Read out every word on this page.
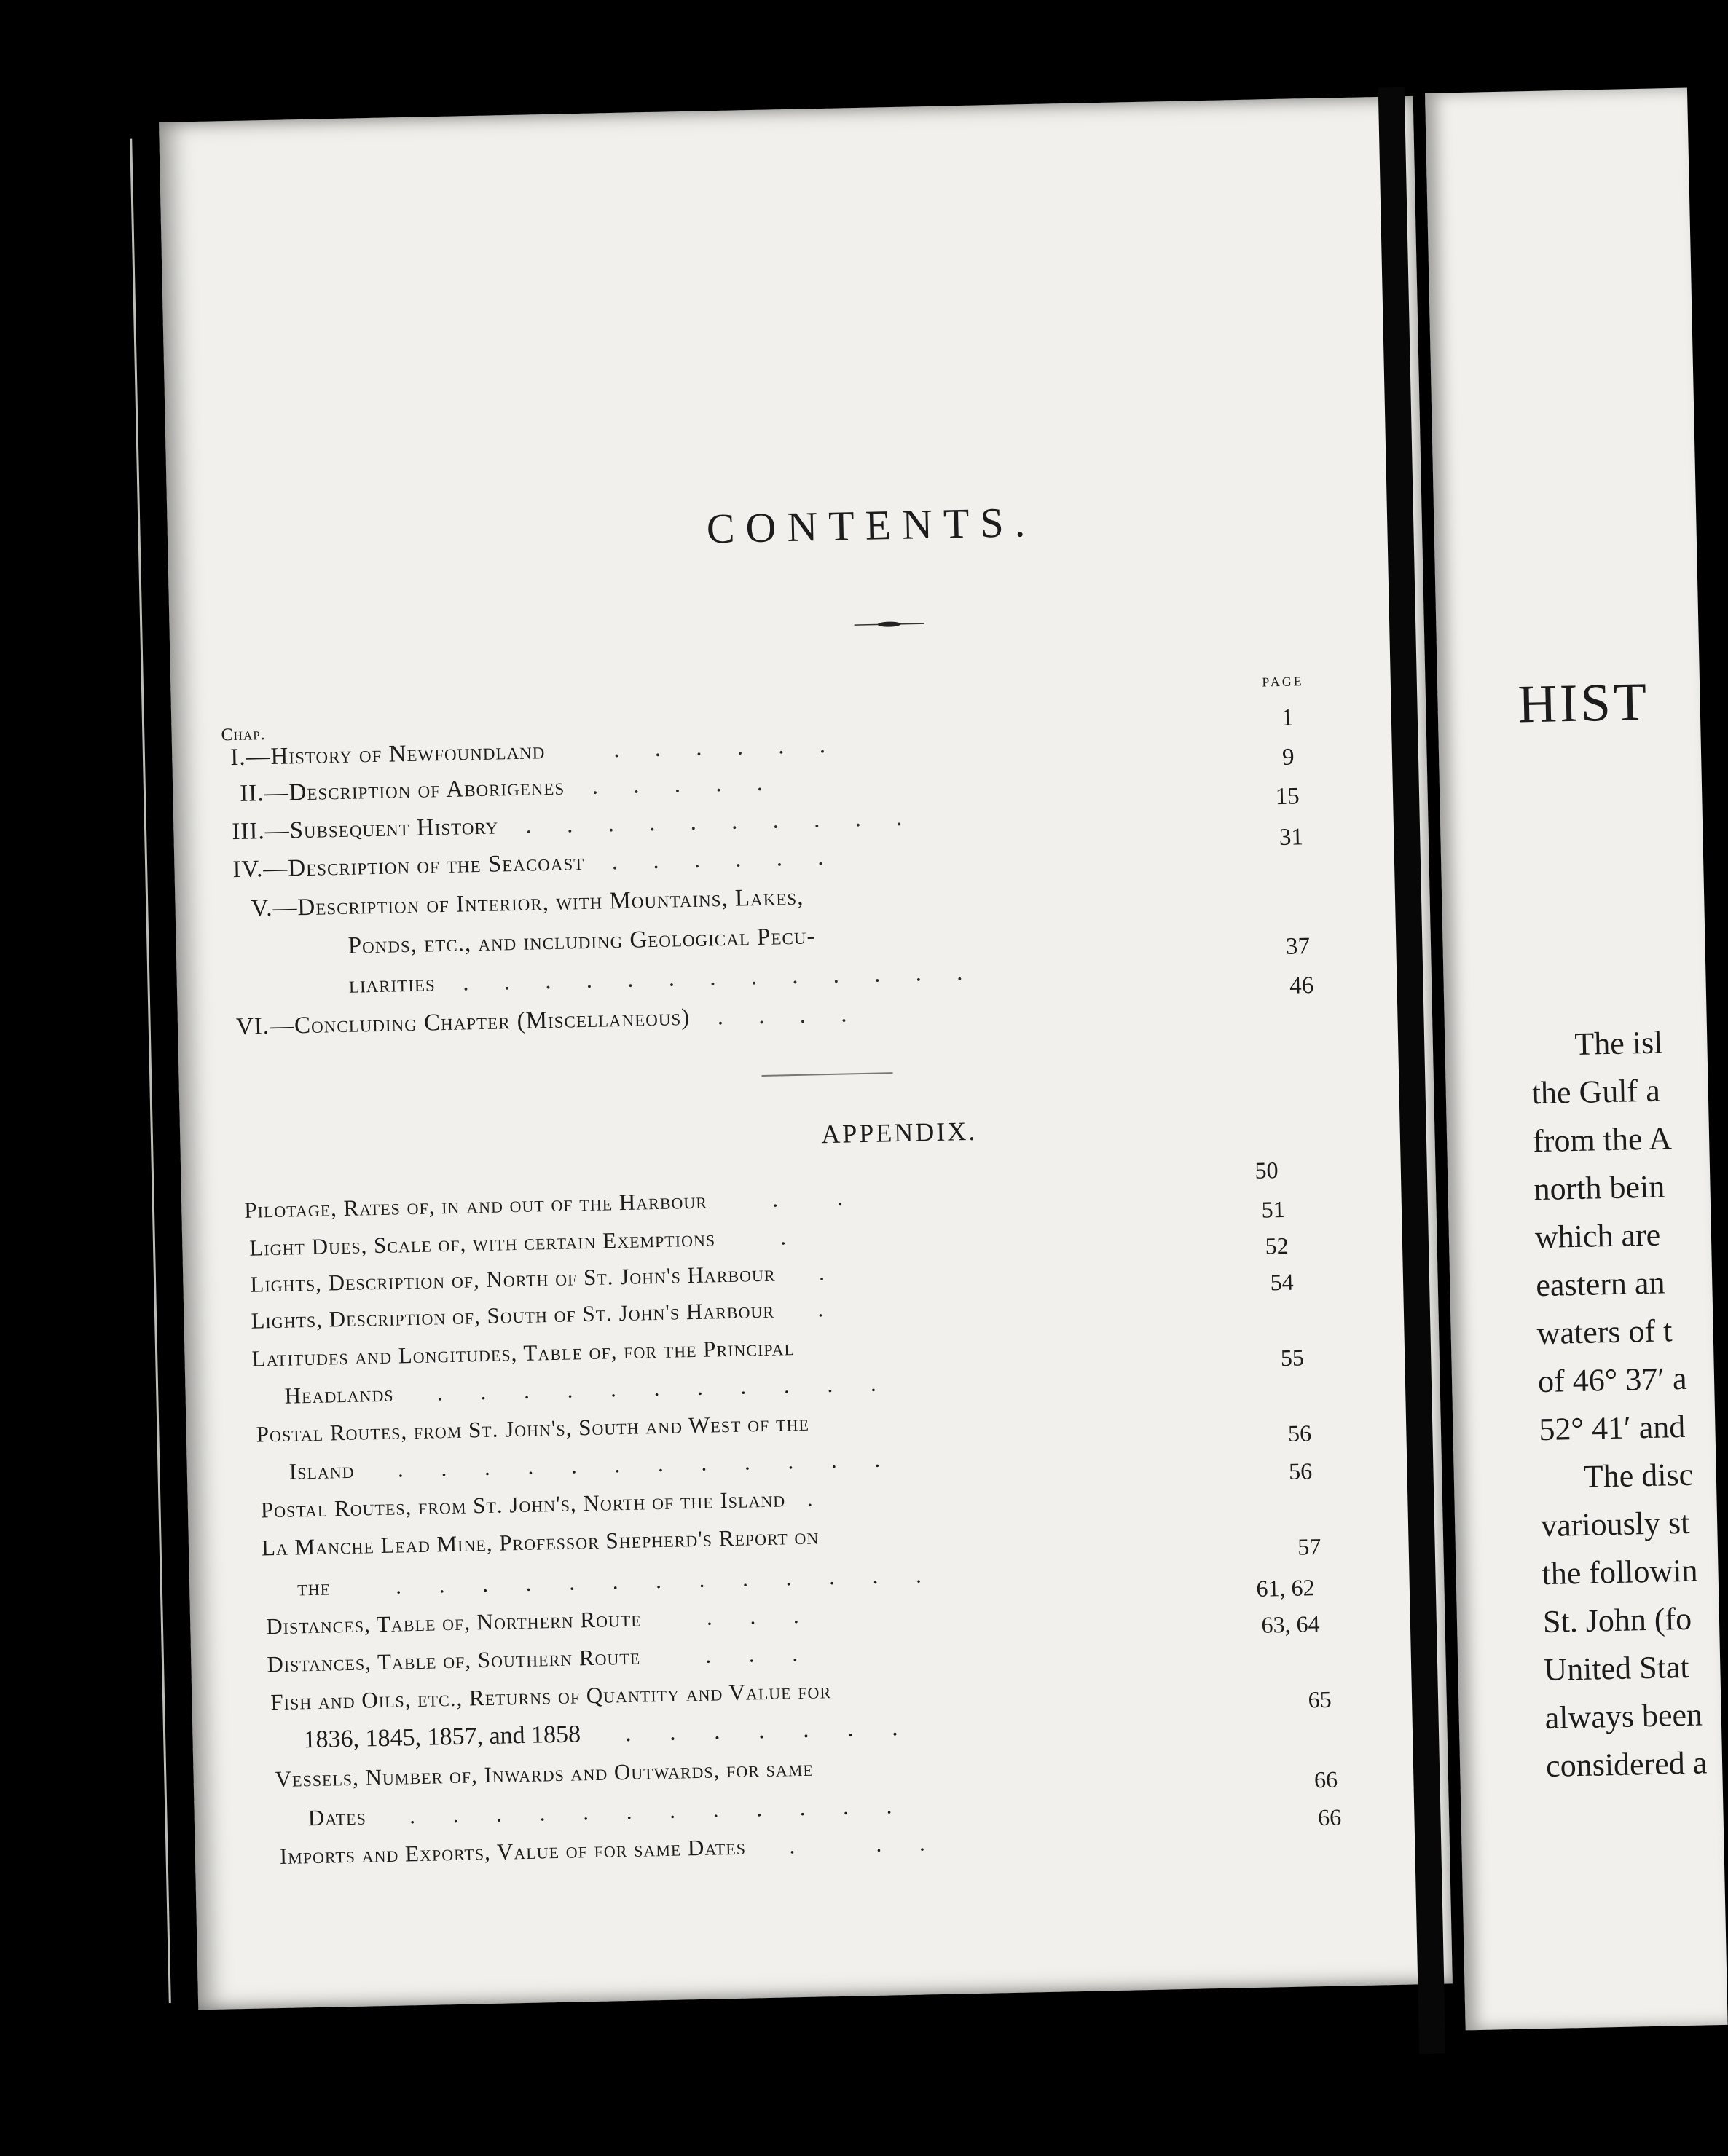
CONTENTS.
PAGE
Chap.
I.—History of Newfoundland    . . . . . .
1
II.—Description of Aborigenes  . . . . .
9
III.—Subsequent History  . . . . . . . . . .
15
IV.—Description of the Seacoast  . . . . . .
31
V.—Description of Interior, with Mountains, Lakes,
Ponds, etc., and including Geological Pecu-
liarities  . . . . . . . . . . . . .
37
VI.—Concluding Chapter (Miscellaneous)  . . . .
46
APPENDIX.
Pilotage, Rates of, in and out of the Harbour   .  .
50
Light Dues, Scale of, with certain Exemptions   .
51
Lights, Description of, North of St. John's Harbour  .
52
Lights, Description of, South of St. John's Harbour  .
54
Latitudes and Longitudes, Table of, for the Principal
Headlands  . . . . . . . . . . .
55
Postal Routes, from St. John's, South and West of the
Island  . . . . . . . . . . . .
56
Postal Routes, from St. John's, North of the Island .
56
La Manche Lead Mine, Professor Shepherd's Report on
the   . . . . . . . . . . . . .
57
Distances, Table of, Northern Route   . . .
61, 62
Distances, Table of, Southern Route   . . .
63, 64
Fish and Oils, etc., Returns of Quantity and Value for
1836, 1845, 1857, and 1858  . . . . . . .
65
Vessels, Number of, Inwards and Outwards, for same
Dates  . . . . . . . . . . . .
66
Imports and Exports, Value of for same Dates  .   . .
66
HIST
The isl
the Gulf a
from the A
north bein
which are
eastern an
waters of t
of 46° 37′ a
52° 41′ and
The disc
variously st
the followin
St. John (fo
United Stat
always been
considered a
